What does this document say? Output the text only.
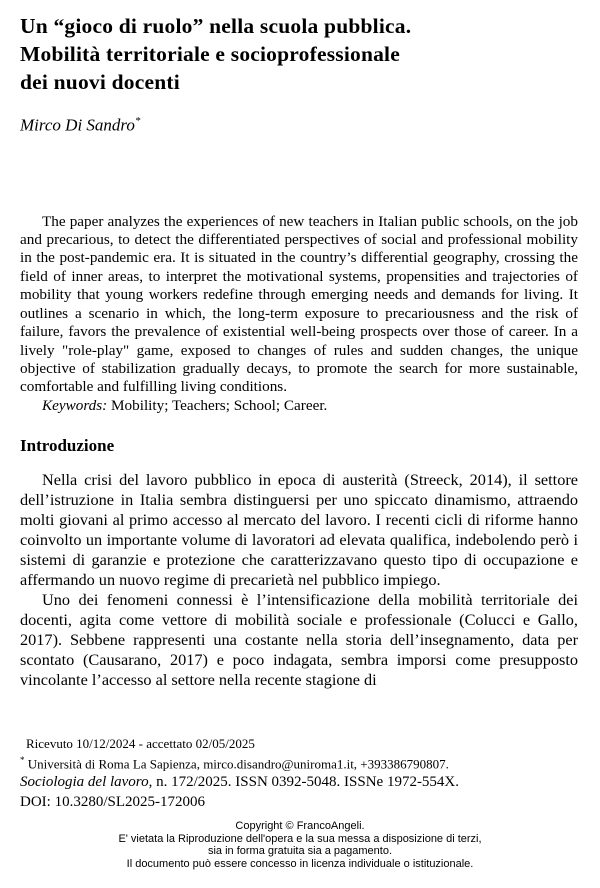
Un “gioco di ruolo” nella scuola pubblica.
Mobilità territoriale e socioprofessionale
dei nuovi docenti
Mirco Di Sandro*

The paper analyzes the experiences of new teachers in Italian public schools, on the job and precarious, to detect the differentiated perspectives of social and professional mobility in the post-pandemic era. It is situated in the country’s differential geography, crossing the field of inner areas, to interpret the motivational systems, propensities and trajectories of mobility that young workers redefine through emerging needs and demands for living. It outlines a scenario in which, the long-term exposure to precariousness and the risk of failure, favors the prevalence of existential well-being prospects over those of career. In a lively "role-play" game, exposed to changes of rules and sudden changes, the unique objective of stabilization gradually decays, to promote the search for more sustainable, comfortable and fulfilling living conditions.

Keywords: Mobility; Teachers; School; Career.

Introduzione

Nella crisi del lavoro pubblico in epoca di austerità (Streeck, 2014), il settore dell’istruzione in Italia sembra distinguersi per uno spiccato dinamismo, attraendo molti giovani al primo accesso al mercato del lavoro. I recenti cicli di riforme hanno coinvolto un importante volume di lavoratori ad elevata qualifica, indebolendo però i sistemi di garanzie e protezione che caratterizzavano questo tipo di occupazione e affermando un nuovo regime di precarietà nel pubblico impiego.

Uno dei fenomeni connessi è l’intensificazione della mobilità territoriale dei docenti, agita come vettore di mobilità sociale e professionale (Colucci e Gallo, 2017). Sebbene rappresenti una costante nella storia dell’insegnamento, data per scontato (Causarano, 2017) e poco indagata, sembra imporsi come presupposto vincolante l’accesso al settore nella recente stagione di

Ricevuto 10/12/2024 - accettato 02/05/2025
* Università di Roma La Sapienza, mirco.disandro@uniroma1.it, +393386790807.
Sociologia del lavoro, n. 172/2025. ISSN 0392-5048. ISSNe 1972-554X.
DOI: 10.3280/SL2025-172006
Copyright © FrancoAngeli.
E' vietata la Riproduzione dell'opera e la sua messa a disposizione di terzi,
sia in forma gratuita sia a pagamento.
Il documento può essere concesso in licenza individuale o istituzionale.
